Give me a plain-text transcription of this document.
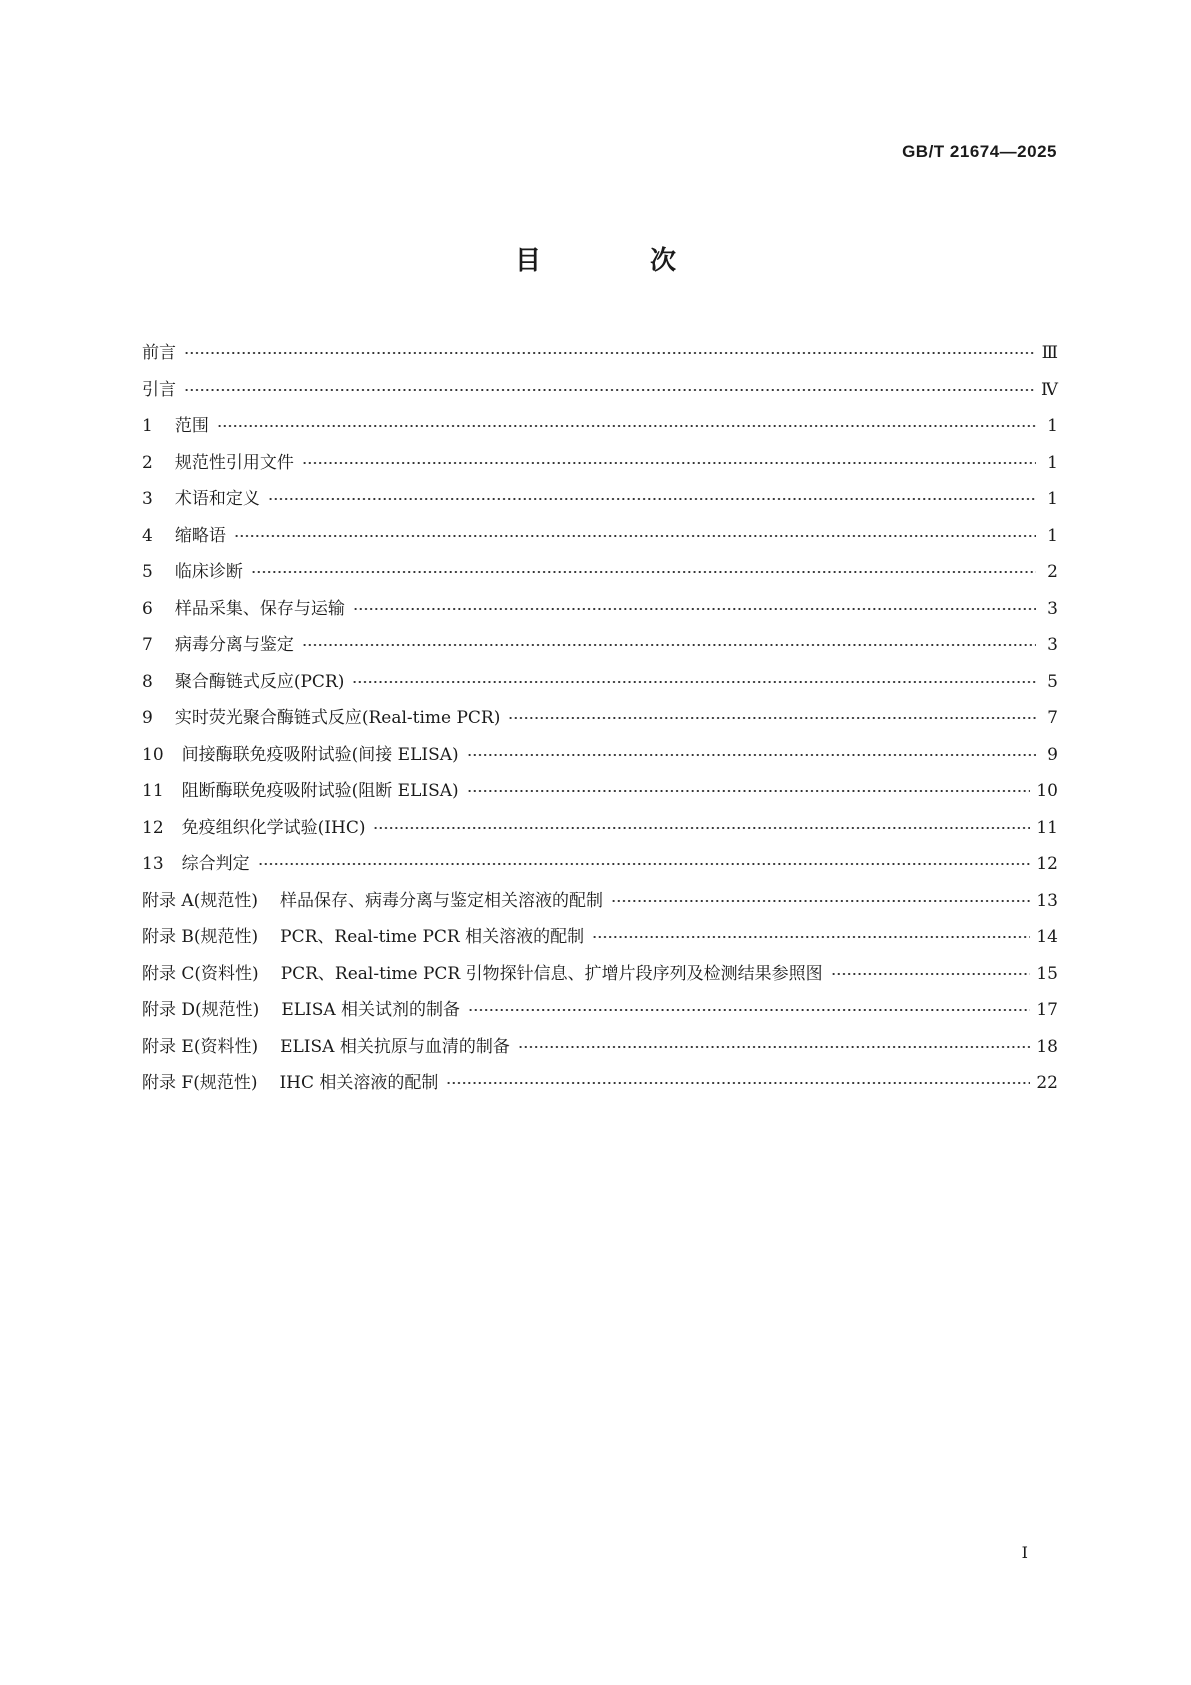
GB/T 21674—2025
目 次
前言	Ⅲ
引言	Ⅳ
1 范围	1
2 规范性引用文件	1
3 术语和定义	1
4 缩略语	1
5 临床诊断	2
6 样品采集、保存与运输	3
7 病毒分离与鉴定	3
8 聚合酶链式反应(PCR)	5
9 实时荧光聚合酶链式反应(Real-time PCR)	7
10 间接酶联免疫吸附试验(间接 ELISA)	9
11 阻断酶联免疫吸附试验(阻断 ELISA)	10
12 免疫组织化学试验(IHC)	11
13 综合判定	12
附录 A(规范性) 样品保存、病毒分离与鉴定相关溶液的配制	13
附录 B(规范性) PCR、Real-time PCR 相关溶液的配制	14
附录 C(资料性) PCR、Real-time PCR 引物探针信息、扩增片段序列及检测结果参照图	15
附录 D(规范性) ELISA 相关试剂的制备	17
附录 E(资料性) ELISA 相关抗原与血清的制备	18
附录 F(规范性) IHC 相关溶液的配制	22
I
